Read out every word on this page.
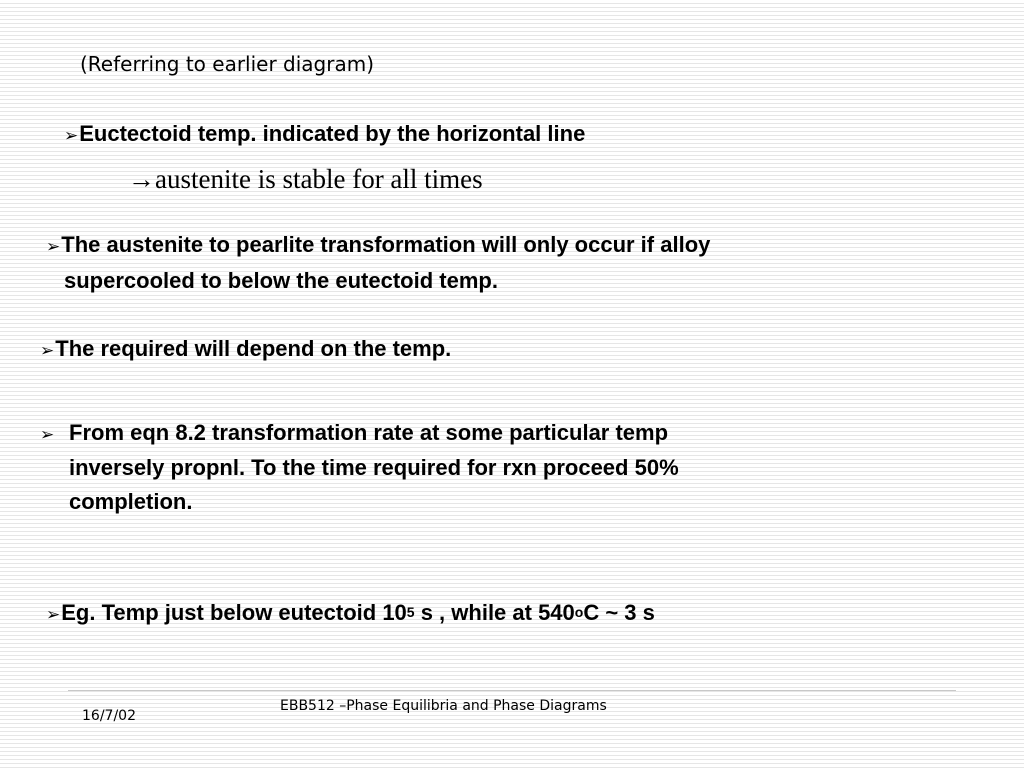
(Referring to earlier diagram)
➢Euctectoid temp. indicated by the horizontal line
→austenite is stable for all times
➢The austenite to pearlite transformation will only occur if alloy
supercooled to below the eutectoid temp.
➢The required will depend on the temp.
➢ From eqn 8.2 transformation rate at some particular temp
inversely propnl. To the time required for rxn proceed 50%
completion.
➢Eg. Temp just below eutectoid $10^5$ s , while at 540$^o$C ~ 3 s
16/7/02
EBB512 –Phase Equilibria and Phase Diagrams
